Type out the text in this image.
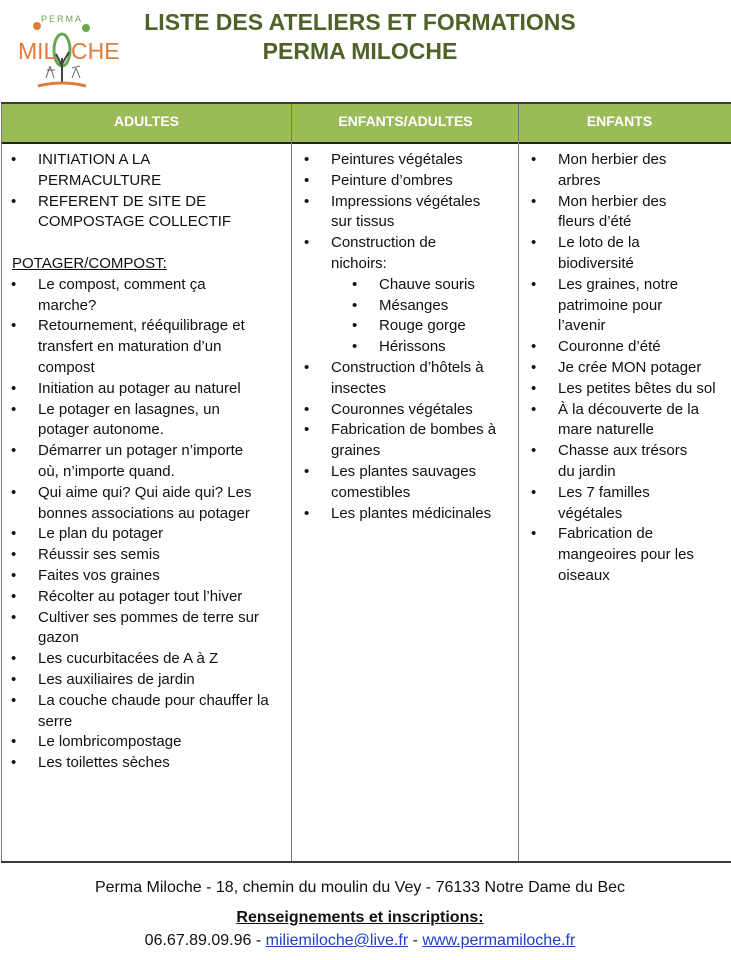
PERMA
MIL CHE
LISTE DES ATELIERS ET FORMATIONS
PERMA MILOCHE
ADULTES	ENFANTS/ADULTES	ENFANTS
• INITIATION A LA PERMACULTURE
• REFERENT DE SITE DE COMPOSTAGE COLLECTIF
POTAGER/COMPOST:
• Le compost, comment ça marche?
• Retournement, rééquilibrage et transfert en maturation d’un compost
• Initiation au potager au naturel
• Le potager en lasagnes, un potager autonome.
• Démarrer un potager n’importe où, n’importe quand.
• Qui aime qui? Qui aide qui? Les bonnes associations au potager
• Le plan du potager
• Réussir ses semis
• Faites vos graines
• Récolter au potager tout l’hiver
• Cultiver ses pommes de terre sur gazon
• Les cucurbitacées de A à Z
• Les auxiliaires de jardin
• La couche chaude pour chauffer la serre
• Le lombricompostage
• Les toilettes sèches
• Peintures végétales
• Peinture d’ombres
• Impressions végétales sur tissus
• Construction de nichoirs:
• Chauve souris
• Mésanges
• Rouge gorge
• Hérissons
• Construction d’hôtels à insectes
• Couronnes végétales
• Fabrication de bombes à graines
• Les plantes sauvages comestibles
• Les plantes médicinales
• Mon herbier des arbres
• Mon herbier des fleurs d’été
• Le loto de la biodiversité
• Les graines, notre patrimoine pour l’avenir
• Couronne d’été
• Je crée MON potager
• Les petites bêtes du sol
• À la découverte de la mare naturelle
• Chasse aux trésors du jardin
• Les 7 familles végétales
• Fabrication de mangeoires pour les oiseaux
Perma Miloche - 18, chemin du moulin du Vey - 76133 Notre Dame du Bec
Renseignements et inscriptions:
06.67.89.09.96 - miliemiloche@live.fr - www.permamiloche.fr
